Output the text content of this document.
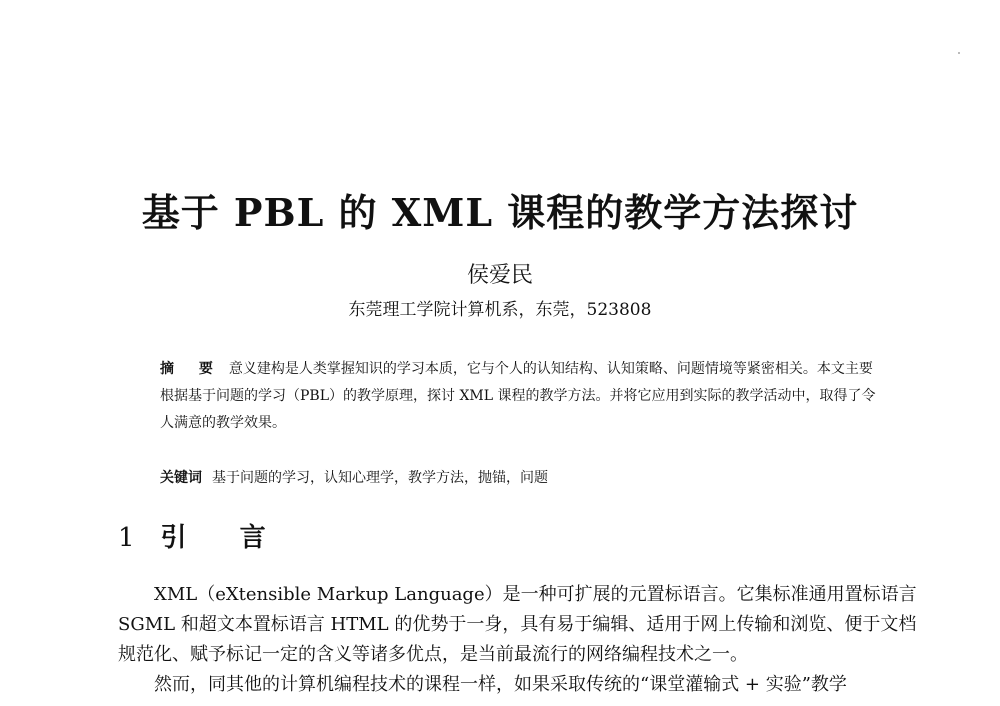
基于 PBL 的 XML 课程的教学方法探讨
侯爱民
东莞理工学院计算机系，东莞，523808
摘 要 意义建构是人类掌握知识的学习本质，它与个人的认知结构、认知策略、问题情境等紧密相关。本文主要根据基于问题的学习（PBL）的教学原理，探讨 XML 课程的教学方法。并将它应用到实际的教学活动中，取得了令人满意的教学效果。
关键词 基于问题的学习，认知心理学，教学方法，抛锚，问题
1 引 言

XML（eXtensible Markup Language）是一种可扩展的元置标语言。它集标准通用置标语言 SGML 和超文本置标语言 HTML 的优势于一身，具有易于编辑、适用于网上传输和浏览、便于文档规范化、赋予标记一定的含义等诸多优点，是当前最流行的网络编程技术之一。

然而，同其他的计算机编程技术的课程一样，如果采取传统的“课堂灌输式 + 实验”教学
